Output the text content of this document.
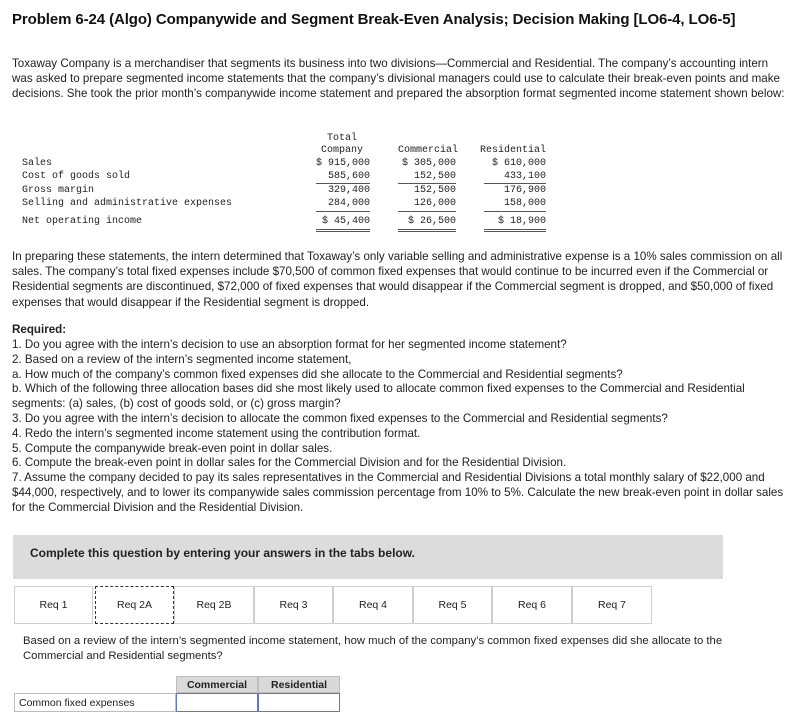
Problem 6-24 (Algo) Companywide and Segment Break-Even Analysis; Decision Making [LO6-4, LO6-5]
Toxaway Company is a merchandiser that segments its business into two divisions—Commercial and Residential. The company’s accounting intern was asked to prepare segmented income statements that the company’s divisional managers could use to calculate their break-even points and make decisions. She took the prior month’s companywide income statement and prepared the absorption format segmented income statement shown below:
Total
Company	Commercial	Residential
Sales	$ 915,000	$ 305,000	$ 610,000
Cost of goods sold	585,600	152,500	433,100
Gross margin	329,400	152,500	176,900
Selling and administrative expenses	284,000	126,000	158,000
Net operating income	$ 45,400	$ 26,500	$ 18,900
In preparing these statements, the intern determined that Toxaway’s only variable selling and administrative expense is a 10% sales commission on all sales. The company’s total fixed expenses include $70,500 of common fixed expenses that would continue to be incurred even if the Commercial or Residential segments are discontinued, $72,000 of fixed expenses that would disappear if the Commercial segment is dropped, and $50,000 of fixed expenses that would disappear if the Residential segment is dropped.
Required:
1. Do you agree with the intern’s decision to use an absorption format for her segmented income statement?
2. Based on a review of the intern’s segmented income statement,
a. How much of the company’s common fixed expenses did she allocate to the Commercial and Residential segments?
b. Which of the following three allocation bases did she most likely used to allocate common fixed expenses to the Commercial and Residential segments: (a) sales, (b) cost of goods sold, or (c) gross margin?
3. Do you agree with the intern’s decision to allocate the common fixed expenses to the Commercial and Residential segments?
4. Redo the intern’s segmented income statement using the contribution format.
5. Compute the companywide break-even point in dollar sales.
6. Compute the break-even point in dollar sales for the Commercial Division and for the Residential Division.
7. Assume the company decided to pay its sales representatives in the Commercial and Residential Divisions a total monthly salary of $22,000 and $44,000, respectively, and to lower its companywide sales commission percentage from 10% to 5%. Calculate the new break-even point in dollar sales for the Commercial Division and the Residential Division.
Complete this question by entering your answers in the tabs below.
Req 1	Req 2A	Req 2B	Req 3	Req 4	Req 5	Req 6	Req 7
Based on a review of the intern’s segmented income statement, how much of the company’s common fixed expenses did she allocate to the Commercial and Residential segments?
Commercial	Residential
Common fixed expenses
